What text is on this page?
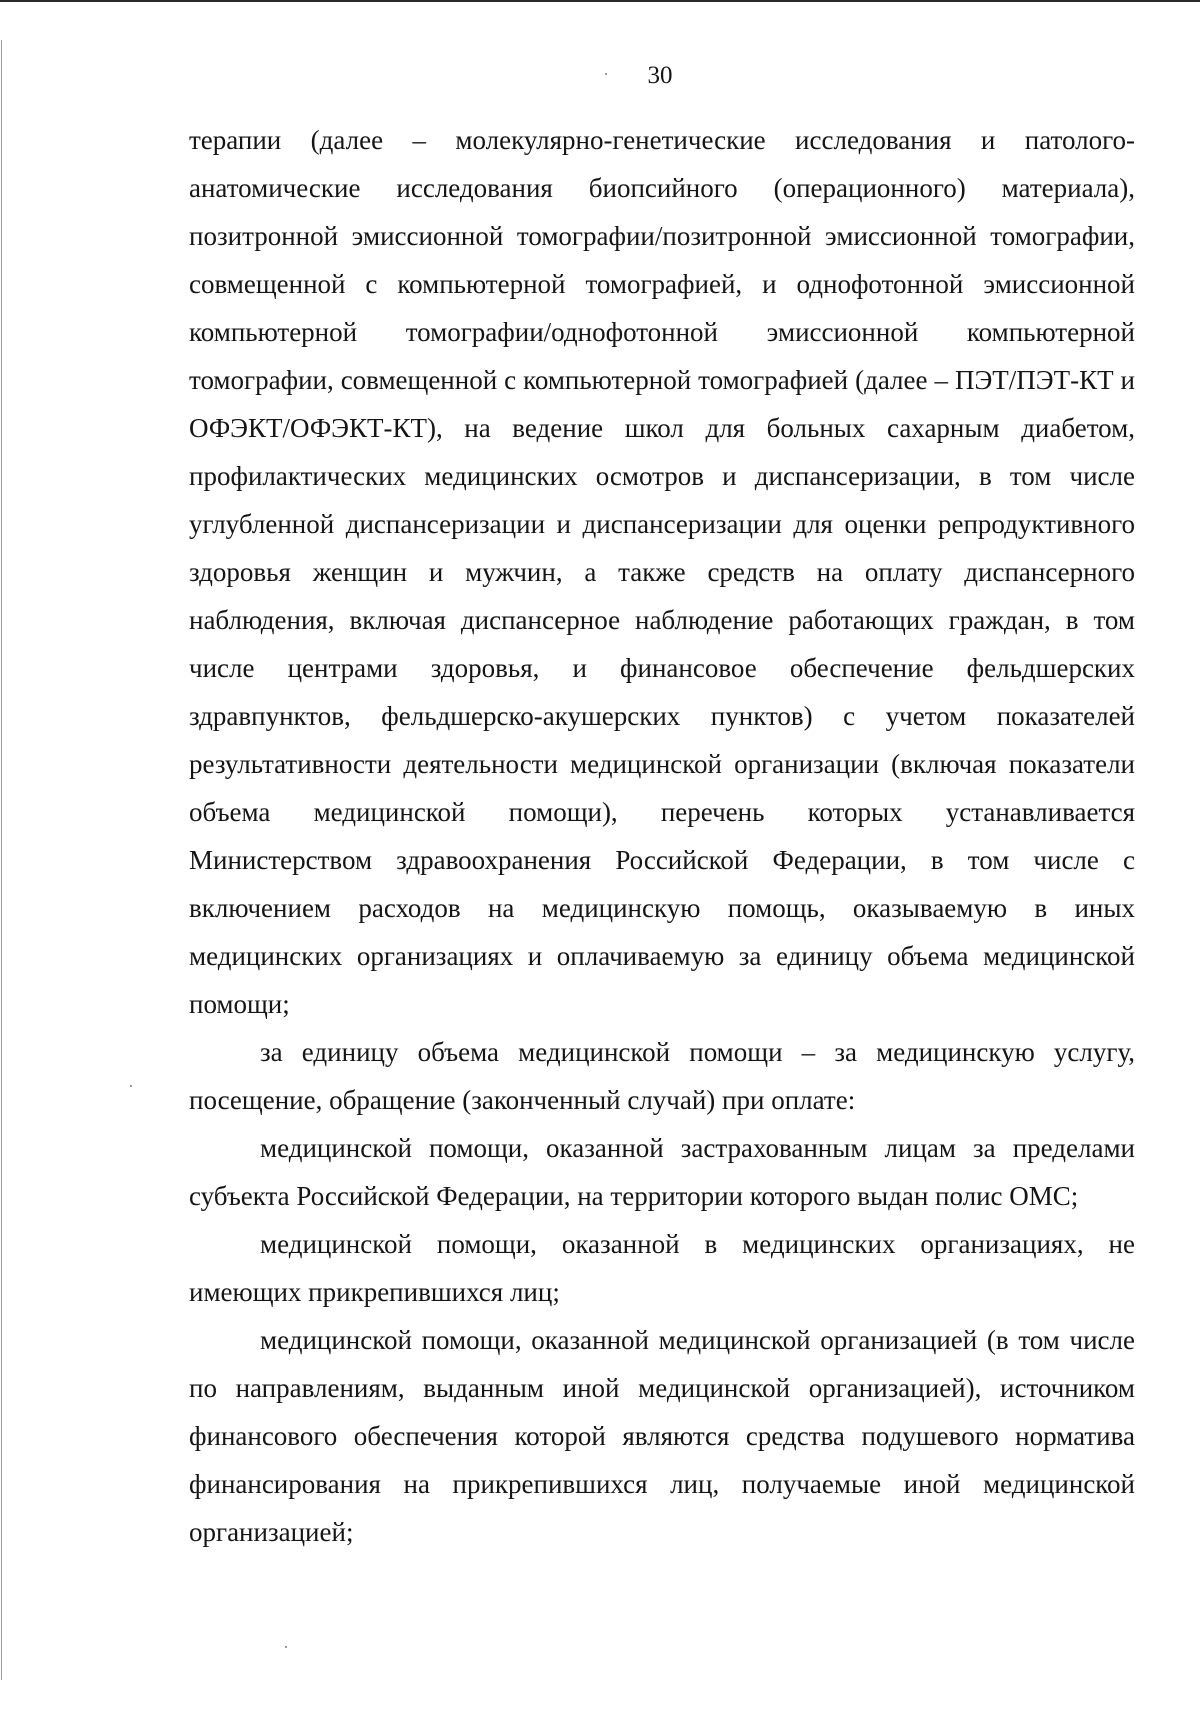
30

терапии (далее – молекулярно-генетические исследования и патолого-анатомические исследования биопсийного (операционного) материала), позитронной эмиссионной томографии/позитронной эмиссионной томографии, совмещенной с компьютерной томографией, и однофотонной эмиссионной компьютерной томографии/однофотонной эмиссионной компьютерной томографии, совмещенной с компьютерной томографией (далее – ПЭТ/ПЭТ-КТ и ОФЭКТ/ОФЭКТ-КТ), на ведение школ для больных сахарным диабетом, профилактических медицинских осмотров и диспансеризации, в том числе углубленной диспансеризации и диспансеризации для оценки репродуктивного здоровья женщин и мужчин, а также средств на оплату диспансерного наблюдения, включая диспансерное наблюдение работающих граждан, в том числе центрами здоровья, и финансовое обеспечение фельдшерских здравпунктов, фельдшерско-акушерских пунктов) с учетом показателей результативности деятельности медицинской организации (включая показатели объема медицинской помощи), перечень которых устанавливается Министерством здравоохранения Российской Федерации, в том числе с включением расходов на медицинскую помощь, оказываемую в иных медицинских организациях и оплачиваемую за единицу объема медицинской помощи;

за единицу объема медицинской помощи – за медицинскую услугу, посещение, обращение (законченный случай) при оплате:

медицинской помощи, оказанной застрахованным лицам за пределами субъекта Российской Федерации, на территории которого выдан полис ОМС;

медицинской помощи, оказанной в медицинских организациях, не имеющих прикрепившихся лиц;

медицинской помощи, оказанной медицинской организацией (в том числе по направлениям, выданным иной медицинской организацией), источником финансового обеспечения которой являются средства подушевого норматива финансирования на прикрепившихся лиц, получаемые иной медицинской организацией;
